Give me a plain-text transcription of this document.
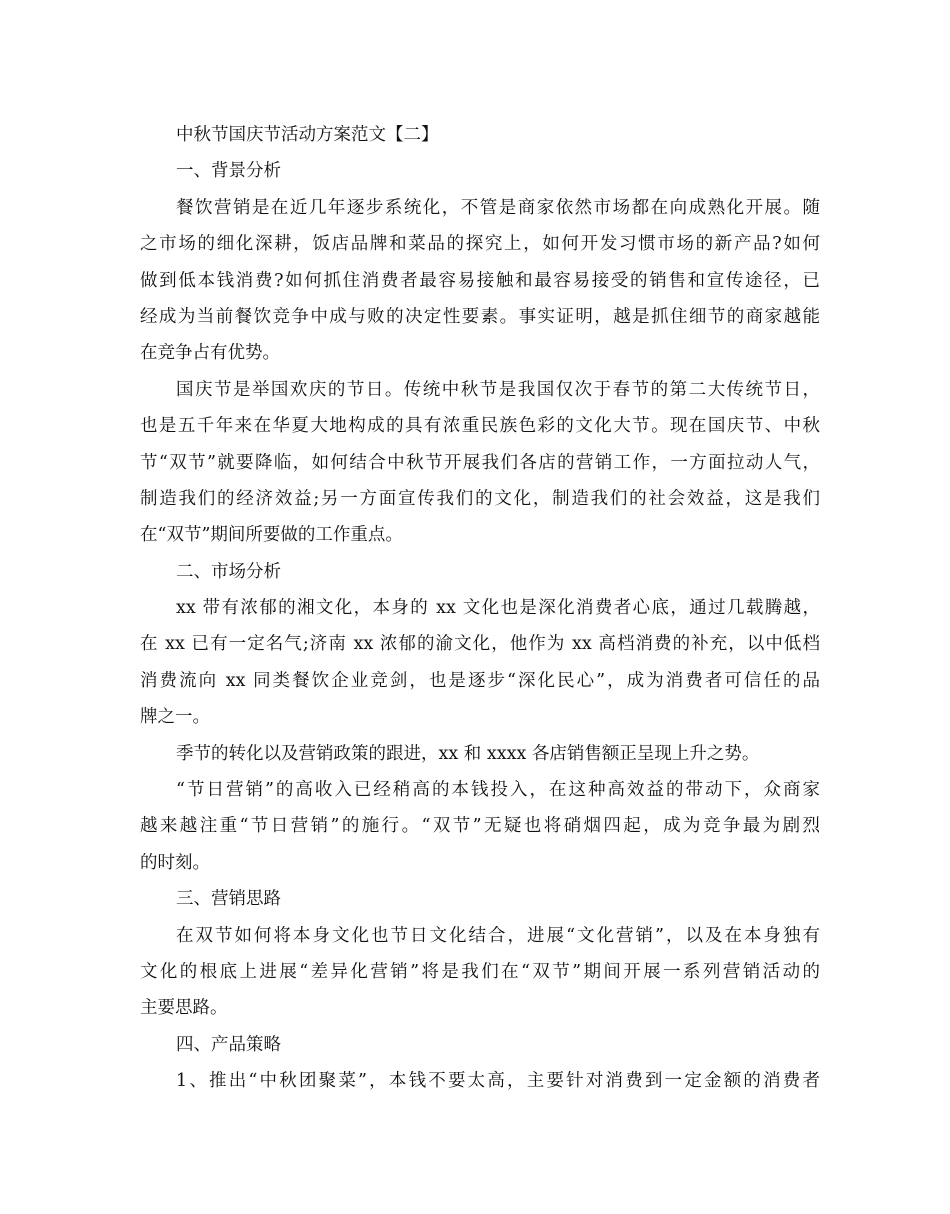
中秋节国庆节活动方案范文【二】
一、背景分析
餐饮营销是在近几年逐步系统化，不管是商家依然市场都在向成熟化开展。随
之市场的细化深耕，饭店品牌和菜品的探究上，如何开发习惯市场的新产品?如何
做到低本钱消费?如何抓住消费者最容易接触和最容易接受的销售和宣传途径，已
经成为当前餐饮竞争中成与败的决定性要素。事实证明，越是抓住细节的商家越能
在竞争占有优势。
国庆节是举国欢庆的节日。传统中秋节是我国仅次于春节的第二大传统节日，
也是五千年来在华夏大地构成的具有浓重民族色彩的文化大节。现在国庆节、中秋
节“双节”就要降临，如何结合中秋节开展我们各店的营销工作，一方面拉动人气，
制造我们的经济效益;另一方面宣传我们的文化，制造我们的社会效益，这是我们
在“双节”期间所要做的工作重点。
二、市场分析
xx 带有浓郁的湘文化，本身的 xx 文化也是深化消费者心底，通过几载腾越，
在 xx 已有一定名气;济南 xx 浓郁的渝文化，他作为 xx 高档消费的补充，以中低档
消费流向 xx 同类餐饮企业竞剑，也是逐步“深化民心”，成为消费者可信任的品
牌之一。
季节的转化以及营销政策的跟进，xx 和 xxxx 各店销售额正呈现上升之势。
“节日营销”的高收入已经稍高的本钱投入，在这种高效益的带动下，众商家
越来越注重“节日营销”的施行。“双节”无疑也将硝烟四起，成为竞争最为剧烈
的时刻。
三、营销思路
在双节如何将本身文化也节日文化结合，进展“文化营销”，以及在本身独有
文化的根底上进展“差异化营销”将是我们在“双节”期间开展一系列营销活动的
主要思路。
四、产品策略
1、推出“中秋团聚菜”，本钱不要太高，主要针对消费到一定金额的消费者
